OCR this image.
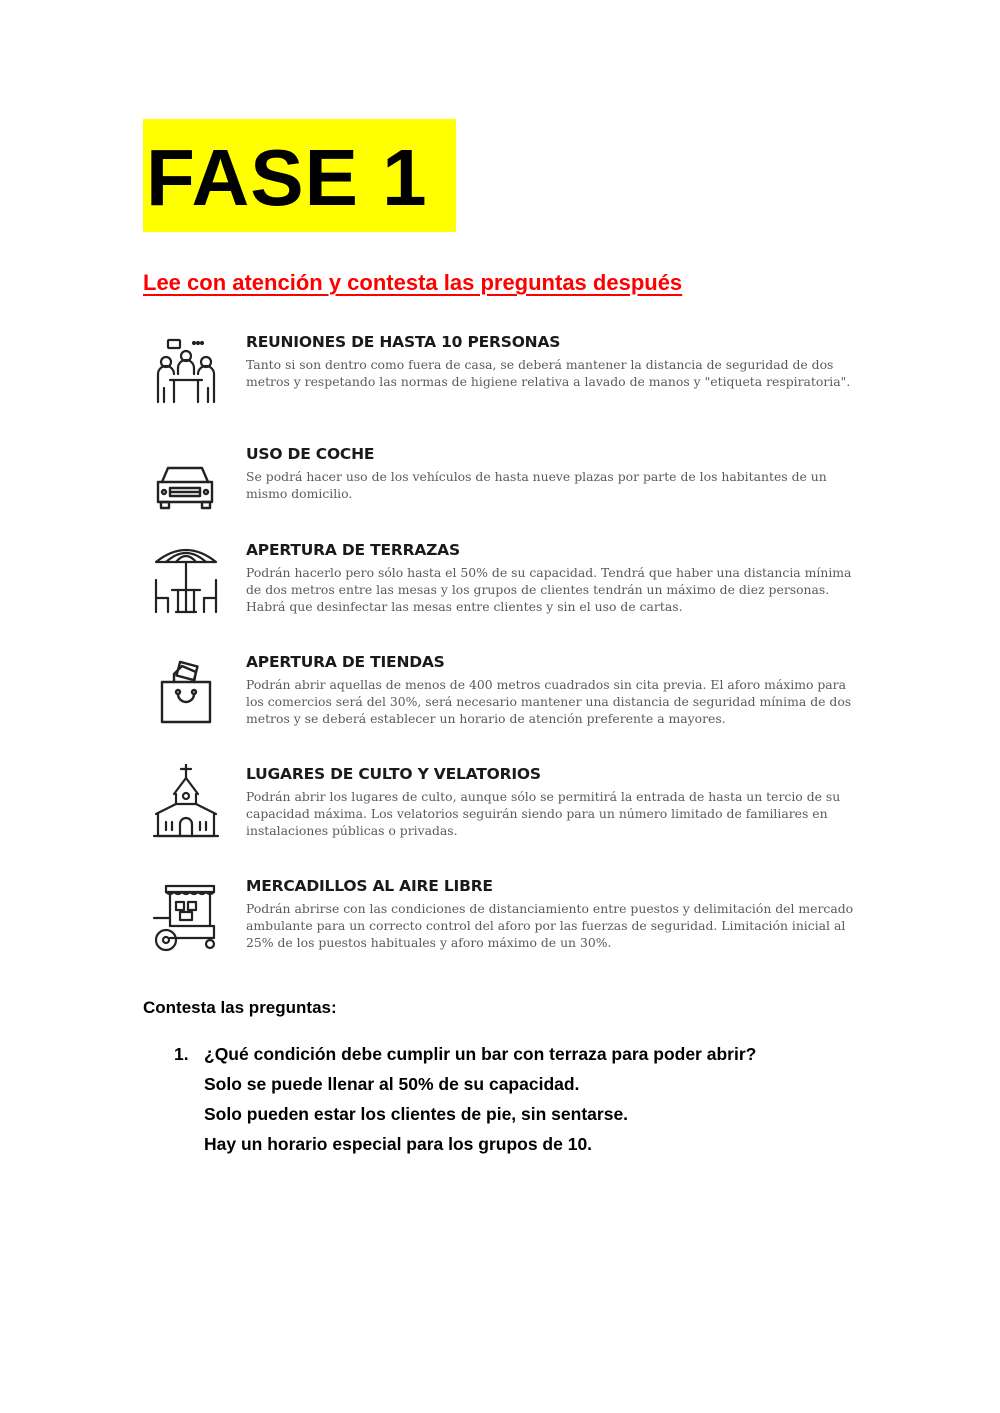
FASE 1

Lee con atención y contesta las preguntas después

REUNIONES DE HASTA 10 PERSONAS

Tanto si son dentro como fuera de casa, se deberá mantener la distancia de seguridad de dos metros y respetando las normas de higiene relativa a lavado de manos y "etiqueta respiratoria".

USO DE COCHE

Se podrá hacer uso de los vehículos de hasta nueve plazas por parte de los habitantes de un mismo domicilio.

APERTURA DE TERRAZAS

Podrán hacerlo pero sólo hasta el 50% de su capacidad. Tendrá que haber una distancia mínima de dos metros entre las mesas y los grupos de clientes tendrán un máximo de diez personas. Habrá que desinfectar las mesas entre clientes y sin el uso de cartas.

APERTURA DE TIENDAS

Podrán abrir aquellas de menos de 400 metros cuadrados sin cita previa. El aforo máximo para los comercios será del 30%, será necesario mantener una distancia de seguridad mínima de dos metros y se deberá establecer un horario de atención preferente a mayores.

LUGARES DE CULTO Y VELATORIOS

Podrán abrir los lugares de culto, aunque sólo se permitirá la entrada de hasta un tercio de su capacidad máxima. Los velatorios seguirán siendo para un número limitado de familiares en instalaciones públicas o privadas.

MERCADILLOS AL AIRE LIBRE

Podrán abrirse con las condiciones de distanciamiento entre puestos y delimitación del mercado ambulante para un correcto control del aforo por las fuerzas de seguridad. Limitación inicial al 25% de los puestos habituales y aforo máximo de un 30%.

Contesta las preguntas:

1. ¿Qué condición debe cumplir un bar con terraza para poder abrir?

Solo se puede llenar al 50% de su capacidad.

Solo pueden estar los clientes de pie, sin sentarse.

Hay un horario especial para los grupos de 10.
